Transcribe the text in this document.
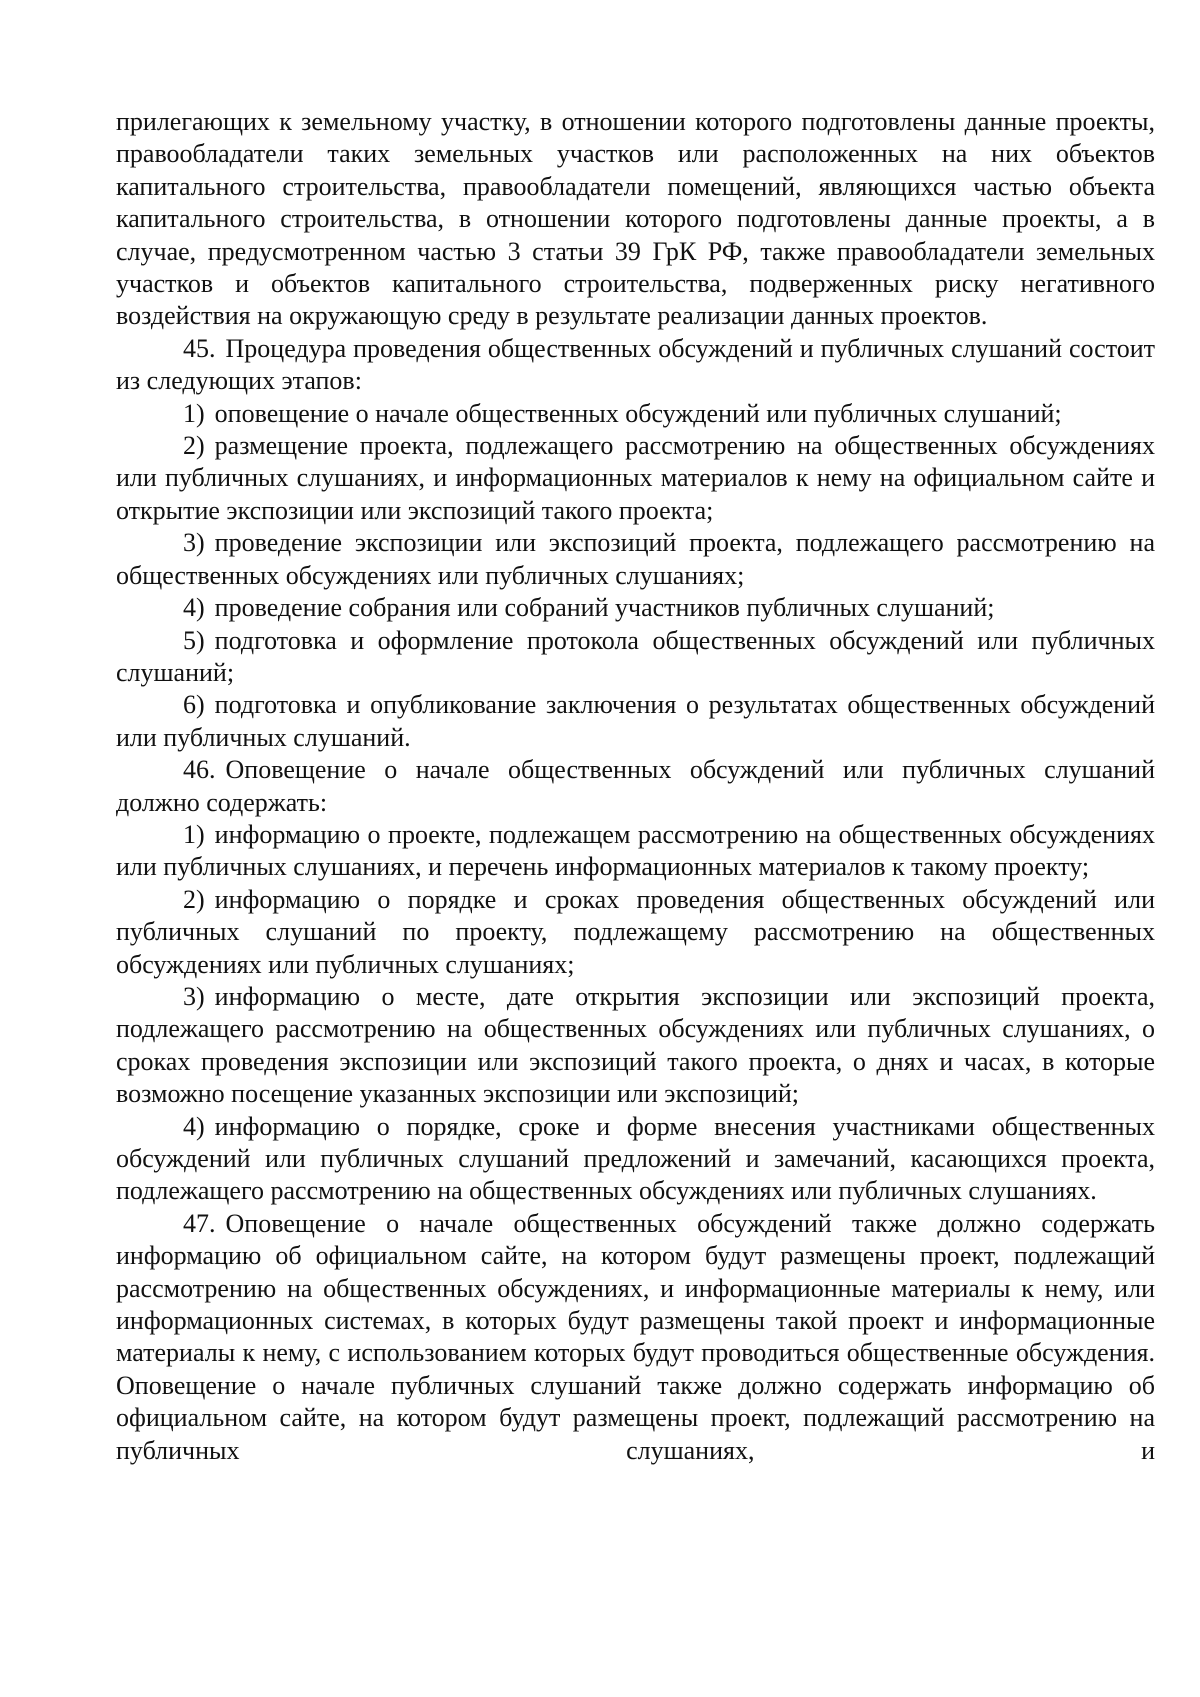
прилегающих к земельному участку, в отношении которого подготовлены данные проекты, правообладатели таких земельных участков или расположенных на них объектов капитального строительства, правообладатели помещений, являющихся частью объекта капитального строительства, в отношении которого подготовлены данные проекты, а в случае, предусмотренном частью 3 статьи 39 ГрК РФ, также правообладатели земельных участков и объектов капитального строительства, подверженных риску негативного воздействия на окружающую среду в результате реализации данных проектов.

45. Процедура проведения общественных обсуждений и публичных слушаний состоит из следующих этапов:

1) оповещение о начале общественных обсуждений или публичных слушаний;

2) размещение проекта, подлежащего рассмотрению на общественных обсуждениях или публичных слушаниях, и информационных материалов к нему на официальном сайте и открытие экспозиции или экспозиций такого проекта;

3) проведение экспозиции или экспозиций проекта, подлежащего рассмотрению на общественных обсуждениях или публичных слушаниях;

4) проведение собрания или собраний участников публичных слушаний;

5) подготовка и оформление протокола общественных обсуждений или публичных слушаний;

6) подготовка и опубликование заключения о результатах общественных обсуждений или публичных слушаний.

46. Оповещение о начале общественных обсуждений или публичных слушаний должно содержать:

1) информацию о проекте, подлежащем рассмотрению на общественных обсуждениях или публичных слушаниях, и перечень информационных материалов к такому проекту;

2) информацию о порядке и сроках проведения общественных обсуждений или публичных слушаний по проекту, подлежащему рассмотрению на общественных обсуждениях или публичных слушаниях;

3) информацию о месте, дате открытия экспозиции или экспозиций проекта, подлежащего рассмотрению на общественных обсуждениях или публичных слушаниях, о сроках проведения экспозиции или экспозиций такого проекта, о днях и часах, в которые возможно посещение указанных экспозиции или экспозиций;

4) информацию о порядке, сроке и форме внесения участниками общественных обсуждений или публичных слушаний предложений и замечаний, касающихся проекта, подлежащего рассмотрению на общественных обсуждениях или публичных слушаниях.

47. Оповещение о начале общественных обсуждений также должно содержать информацию об официальном сайте, на котором будут размещены проект, подлежащий рассмотрению на общественных обсуждениях, и информационные материалы к нему, или информационных системах, в которых будут размещены такой проект и информационные материалы к нему, с использованием которых будут проводиться общественные обсуждения. Оповещение о начале публичных слушаний также должно содержать информацию об официальном сайте, на котором будут размещены проект, подлежащий рассмотрению на публичных слушаниях, и
